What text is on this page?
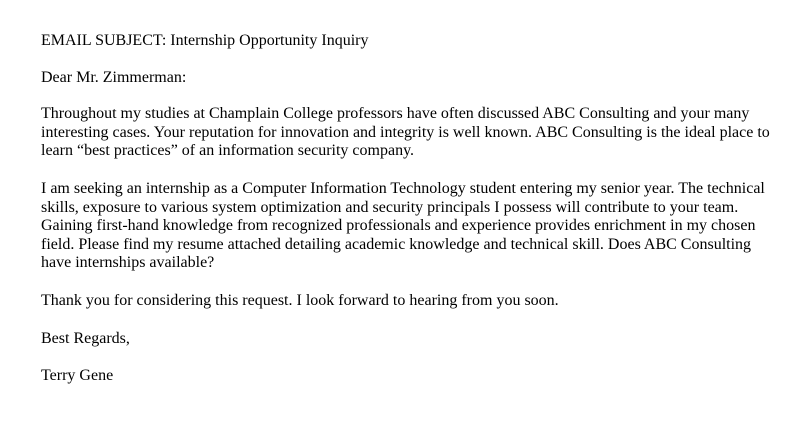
EMAIL SUBJECT: Internship Opportunity Inquiry

Dear Mr. Zimmerman:

Throughout my studies at Champlain College professors have often discussed ABC Consulting and your many interesting cases. Your reputation for innovation and integrity is well known. ABC Consulting is the ideal place to learn “best practices” of an information security company.

I am seeking an internship as a Computer Information Technology student entering my senior year. The technical skills, exposure to various system optimization and security principals I possess will contribute to your team. Gaining first-hand knowledge from recognized professionals and experience provides enrichment in my chosen field. Please find my resume attached detailing academic knowledge and technical skill. Does ABC Consulting have internships available?

Thank you for considering this request. I look forward to hearing from you soon.

Best Regards,

Terry Gene
